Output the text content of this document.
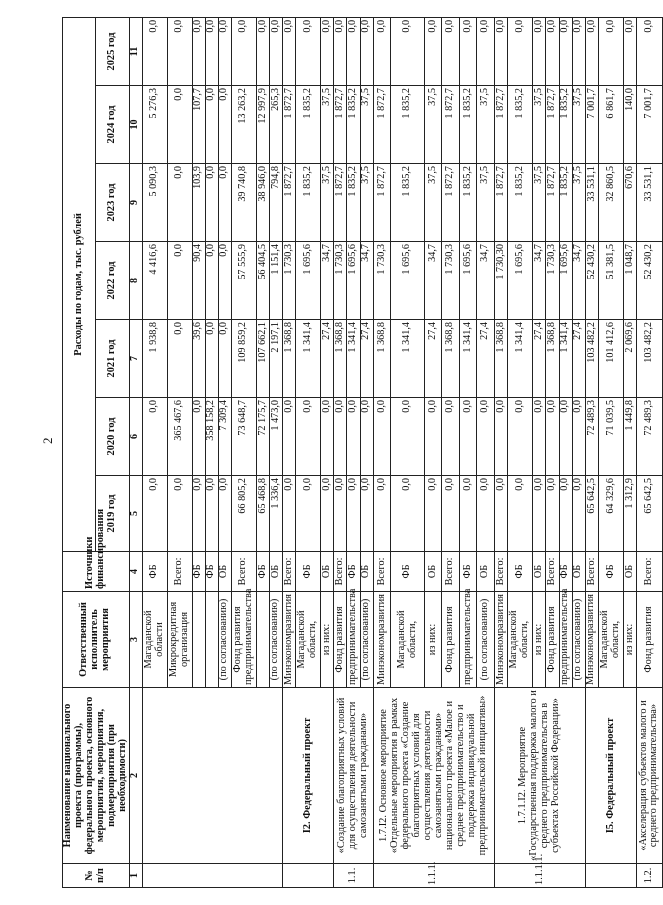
2
№ п/п	Наименование национального проекта (программы), федерального проекта, основного мероприятия, мероприятия, подмероприятия (при необходимости)	Ответственный исполнитель мероприятия	Источники финансирования	Расходы по годам, тыс. рублей						
				2019 год	2020 год	2021 год	2022 год	2023 год	2024 год	2025 год
1	2	3	4	5	6	7	8	9	10	11
		Магаданской области	ФБ	0,0	0,0	1 938,8	4 416,6	5 090,3	5 276,3	0,0
		Микрокредитная организация	Всего:	0,0	365 467,6	0,0	0,0	0,0	0,0	0,0
			ФБ	0,0	0,0	39,6	90,4	103,9	107,7	0,0
			ФБ	0,0	358 158,2	0,0	0,0	0,0	0,0	0,0
		(по согласованию)	ОБ	0,0	7 309,4	0,0	0,0	0,0	0,0	0,0
		Фонд развития предпринимательства	Всего:	66 805,2	73 648,7	109 859,2	57 555,9	39 740,8	13 263,2	0,0
			ФБ	65 468,8	72 175,7	107 662,1	56 404,5	38 946,0	12 997,9	0,0
		(по согласованию)	ОБ	1 336,4	1 473,0	2 197,1	1 151,4	794,8	265,3	0,0
	I2. Федеральный проект	Минэкономразвития	Всего:	0,0	0,0	1 368,8	1 730,3	1 872,7	1 872,7	0,0
		Магаданской области,	ФБ	0,0	0,0	1 341,4	1 695,6	1 835,2	1 835,2	0,0
		из них:	ОБ	0,0	0,0	27,4	34,7	37,5	37,5	0,0
1.1.	«Создание благоприятных условий для осуществления деятельности самозанятыми гражданами»	Фонд развития	Всего:	0,0	0,0	1 368,8	1 730,3	1 872,7	1 872,7	0,0
		предпринимательства	ФБ	0,0	0,0	1 341,4	1 695,6	1 835,2	1 835,2	0,0
		(по согласованию)	ОБ	0,0	0,0	27,4	34,7	37,5	37,5	0,0
1.1.1.	1.7.I2. Основное мероприятие «Отдельные мероприятия в рамках федерального проекта «Создание благоприятных условий для осуществления деятельности самозанятыми гражданами» национального проекта «Малое и среднее предпринимательство и поддержка индивидуальной предпринимательской инициативы»	Минэкономразвития	Всего:	0,0	0,0	1 368,8	1 730,3	1 872,7	1 872,7	0,0
		Магаданской области,	ФБ	0,0	0,0	1 341,4	1 695,6	1 835,2	1 835,2	0,0
		из них:	ОБ	0,0	0,0	27,4	34,7	37,5	37,5	0,0
		Фонд развития	Всего:	0,0	0,0	1 368,8	1 730,3	1 872,7	1 872,7	0,0
		предпринимательства	ФБ	0,0	0,0	1 341,4	1 695,6	1 835,2	1 835,2	0,0
		(по согласованию)	ОБ	0,0	0,0	27,4	34,7	37,5	37,5	0,0
1.1.1.1.	1.7.1.I2. Мероприятие «Государственная поддержка малого и среднего предпринимательства в субъектах Российской Федерации»	Минэкономразвития	Всего:	0,0	0,0	1 368,8	1 730,30	1 872,7	1 872,7	0,0
		Магаданской области,	ФБ	0,0	0,0	1 341,4	1 695,6	1 835,2	1 835,2	0,0
		из них:	ОБ	0,0	0,0	27,4	34,7	37,5	37,5	0,0
		Фонд развития	Всего:	0,0	0,0	1 368,8	1 730,3	1 872,7	1 872,7	0,0
		предпринимательства	ФБ	0,0	0,0	1 341,4	1 695,6	1 835,2	1 835,2	0,0
		(по согласованию)	ОБ	0,0	0,0	27,4	34,7	37,5	37,5	0,0
	I5. Федеральный проект	Минэкономразвития	Всего:	65 642,5	72 489,3	103 482,2	52 430,2	33 531,1	7 001,7	0,0
		Магаданской области,	ФБ	64 329,6	71 039,5	101 412,6	51 381,5	32 860,5	6 861,7	0,0
		из них:	ОБ	1 312,9	1 449,8	2 069,6	1 048,7	670,6	140,0	0,0
1.2.	«Акселерация субъектов малого и среднего предпринимательства»	Фонд развития	Всего:	65 642,5	72 489,3	103 482,2	52 430,2	33 531,1	7 001,7	0,0
